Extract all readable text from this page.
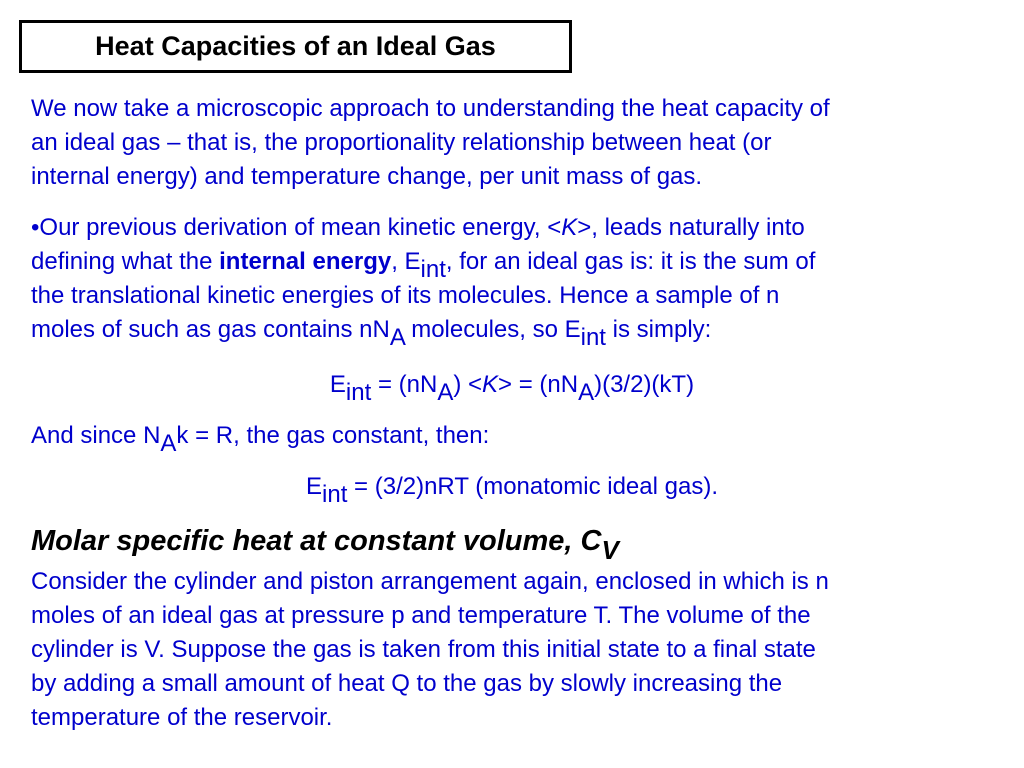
Heat Capacities of an Ideal Gas
We now take a microscopic approach to understanding the heat capacity of
an ideal gas – that is, the proportionality relationship between heat (or
internal energy) and temperature change, per unit mass of gas.
•Our previous derivation of mean kinetic energy, <K>, leads naturally into
defining what the internal energy, Eint, for an ideal gas is: it is the sum of
the translational kinetic energies of its molecules. Hence a sample of n
moles of such as gas contains nNA molecules, so Eint is simply:
Eint = (nNA) <K> = (nNA)(3/2)(kT)
And since NAk = R, the gas constant, then:
Eint = (3/2)nRT (monatomic ideal gas).
Molar specific heat at constant volume, CV
Consider the cylinder and piston arrangement again, enclosed in which is n
moles of an ideal gas at pressure p and temperature T. The volume of the
cylinder is V. Suppose the gas is taken from this initial state to a final state
by adding a small amount of heat Q to the gas by slowly increasing the
temperature of the reservoir.
